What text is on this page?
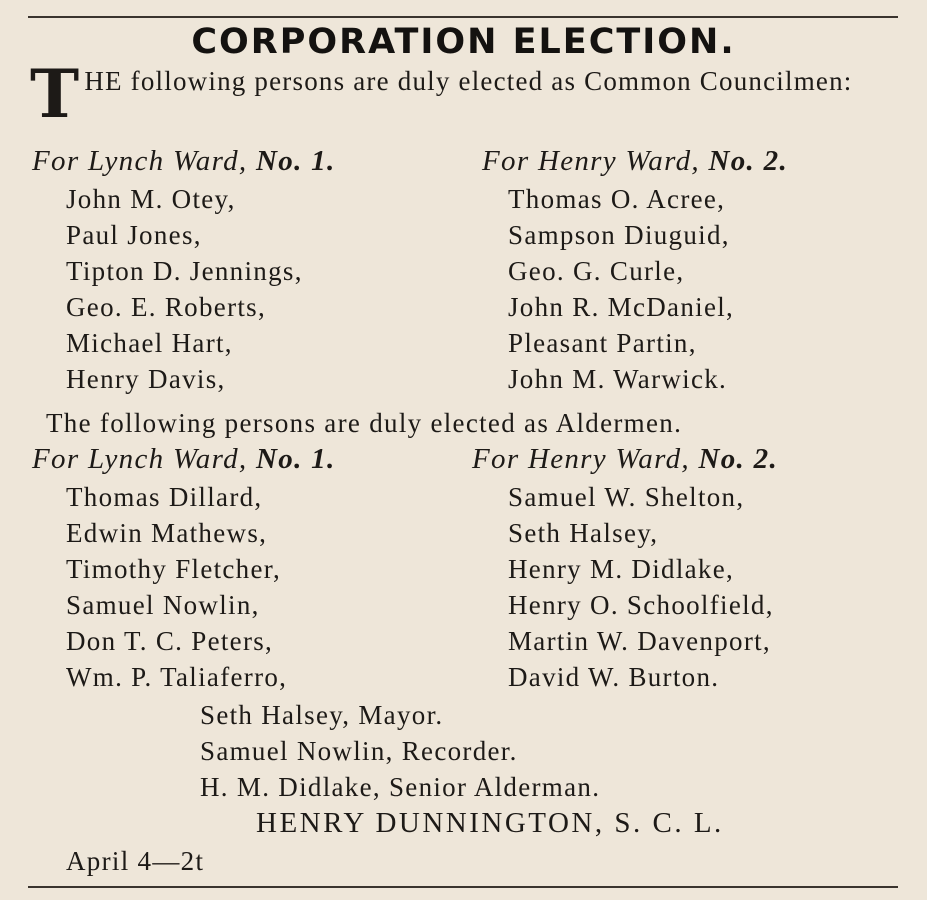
CORPORATION ELECTION.
THE following persons are duly elected as Common Councilmen:
For Lynch Ward, No. 1.	For Henry Ward, No. 2.
John M. Otey,
Paul Jones,
Tipton D. Jennings,
Geo. E. Roberts,
Michael Hart,
Henry Davis,
Thomas O. Acree,
Sampson Diuguid,
Geo. G. Curle,
John R. McDaniel,
Pleasant Partin,
John M. Warwick.
The following persons are duly elected as Aldermen.
For Lynch Ward, No. 1.	For Henry Ward, No. 2.
Thomas Dillard,
Edwin Mathews,
Timothy Fletcher,
Samuel Nowlin,
Don T. C. Peters,
Wm. P. Taliaferro,
Samuel W. Shelton,
Seth Halsey,
Henry M. Didlake,
Henry O. Schoolfield,
Martin W. Davenport,
David W. Burton.
Seth Halsey, Mayor.
Samuel Nowlin, Recorder.
H. M. Didlake, Senior Alderman.
HENRY DUNNINGTON, S. C. L.
April 4—2t
